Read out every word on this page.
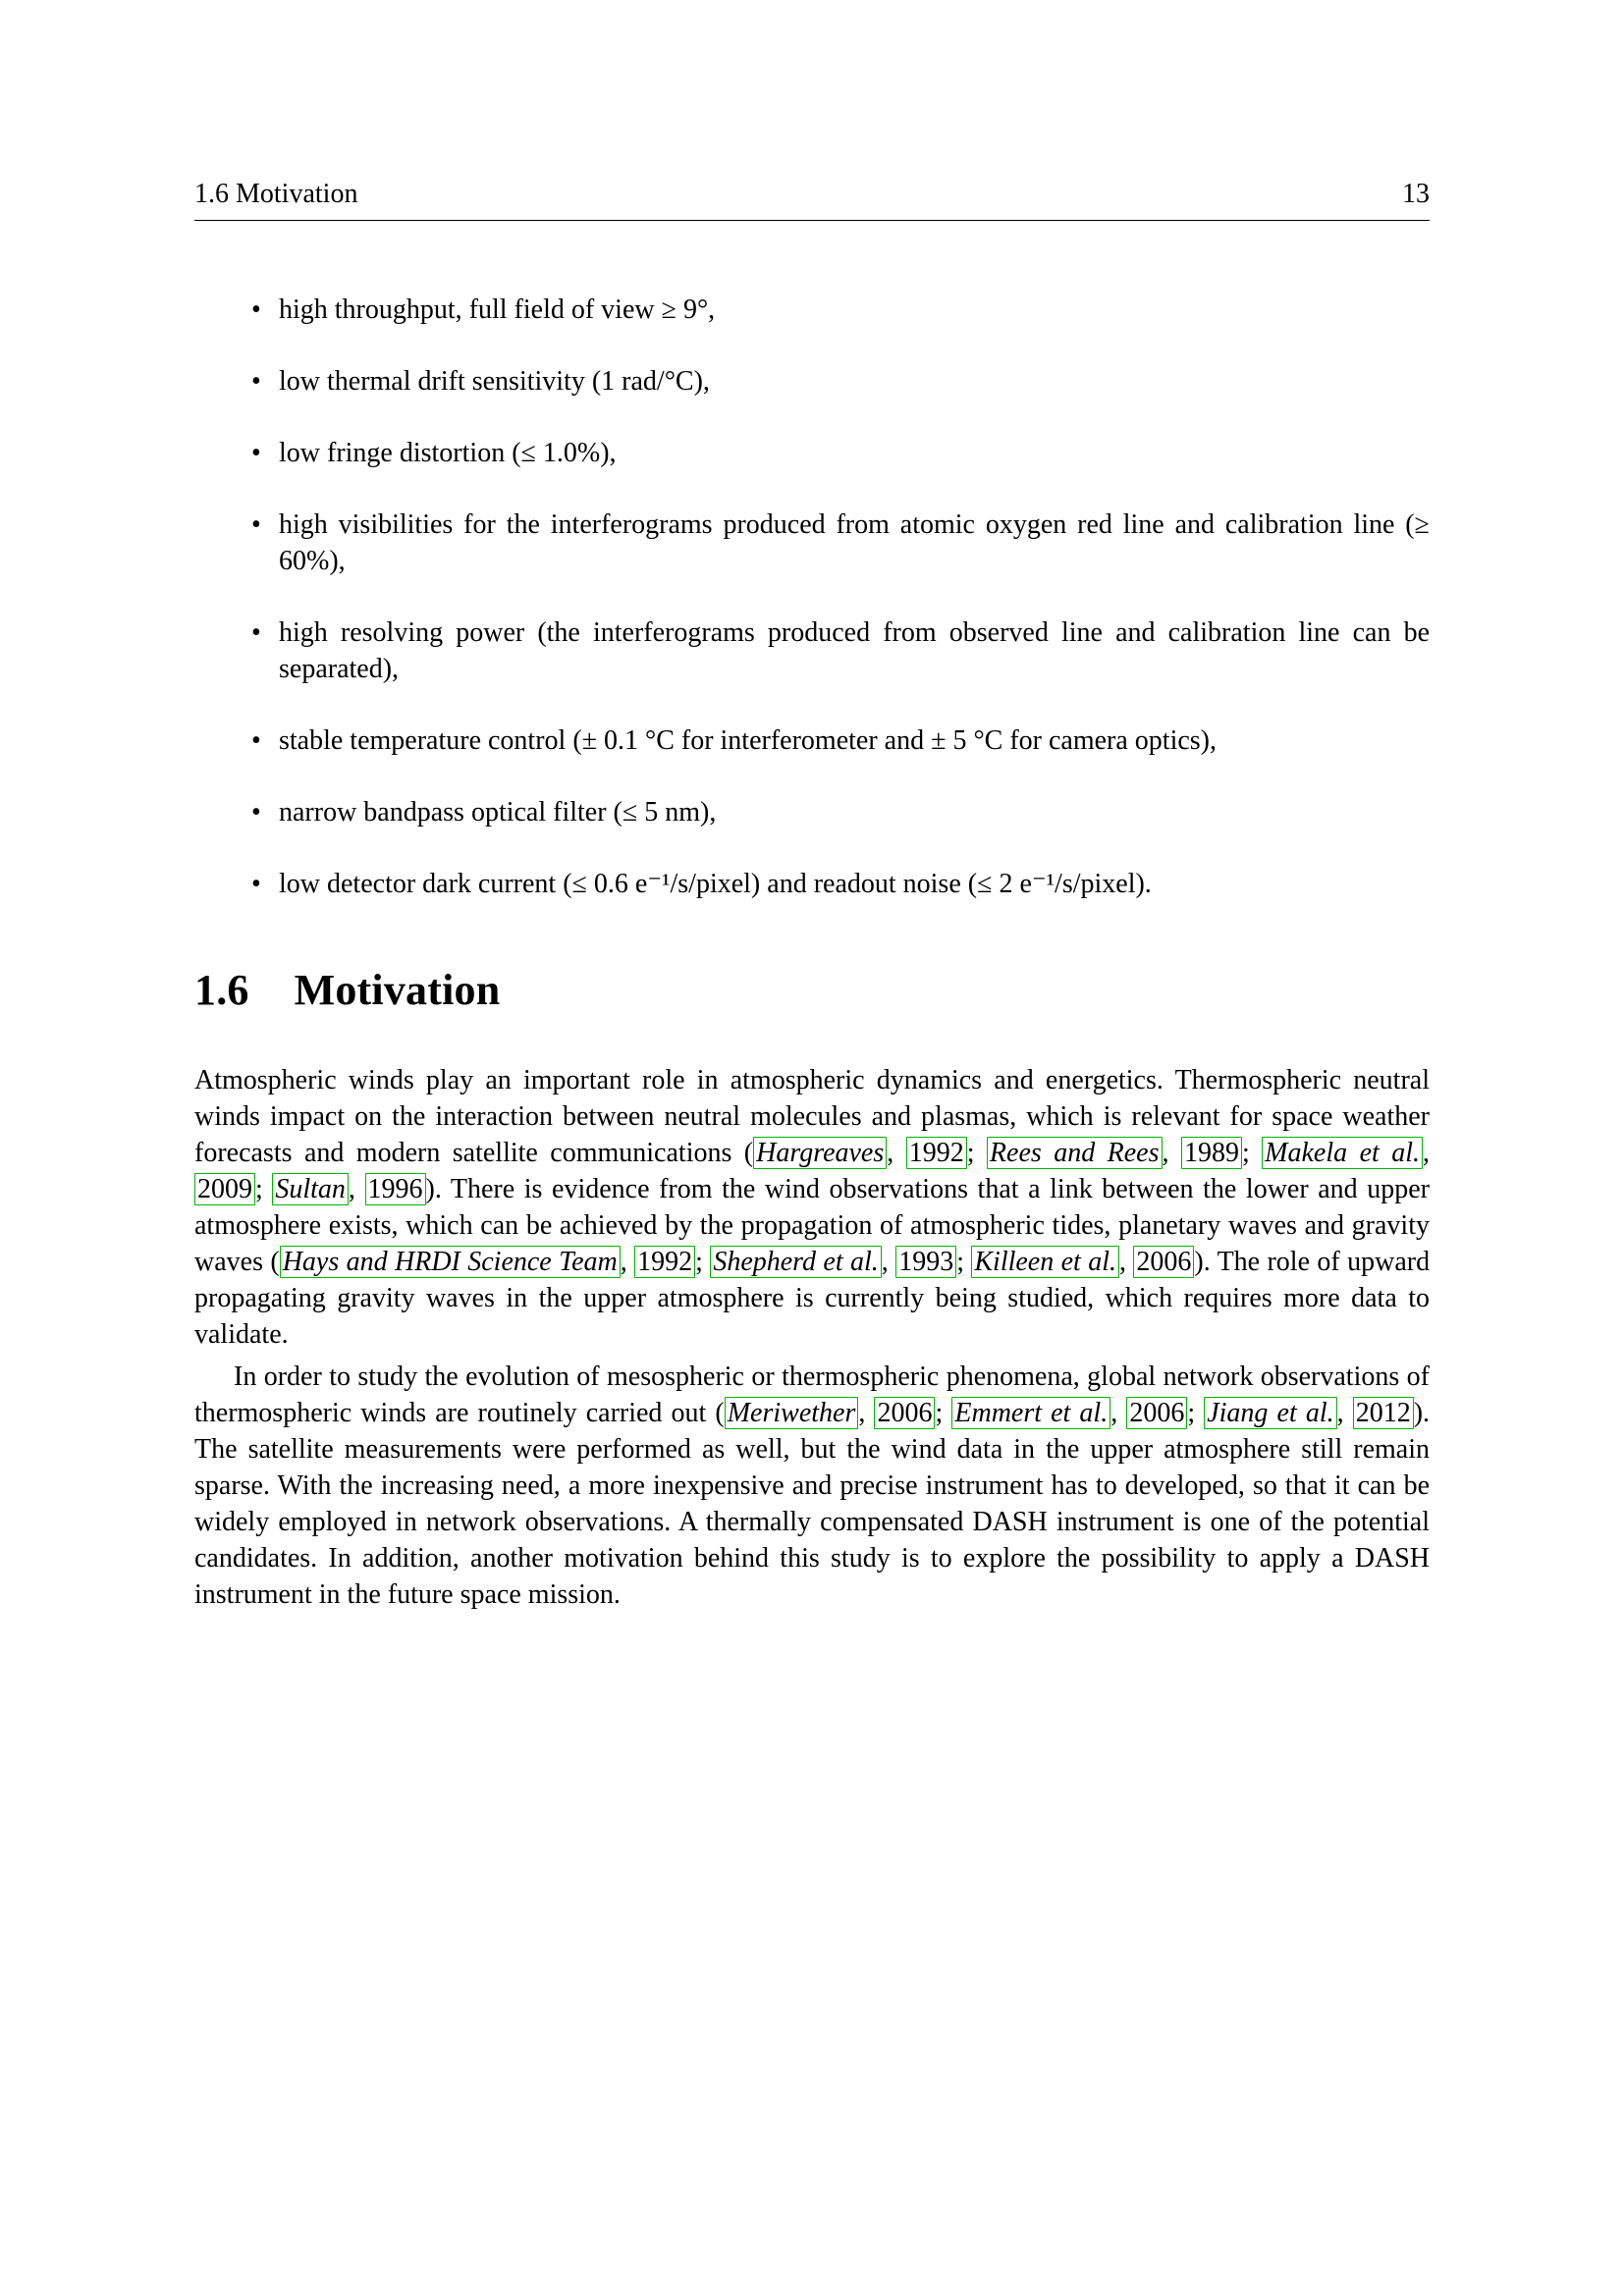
1.6 Motivation	13
• high throughput, full field of view ≥ 9°,
• low thermal drift sensitivity (1 rad/°C),
• low fringe distortion (≤ 1.0%),
• high visibilities for the interferograms produced from atomic oxygen red line and calibration line (≥ 60%),
• high resolving power (the interferograms produced from observed line and calibration line can be separated),
• stable temperature control (± 0.1 °C for interferometer and ± 5 °C for camera optics),
• narrow bandpass optical filter (≤ 5 nm),
• low detector dark current (≤ 0.6 e⁻¹/s/pixel) and readout noise (≤ 2 e⁻¹/s/pixel).
1.6 Motivation

Atmospheric winds play an important role in atmospheric dynamics and energetics. Thermospheric neutral winds impact on the interaction between neutral molecules and plasmas, which is relevant for space weather forecasts and modern satellite communications ( Hargreaves , 1992 ; Rees and Rees , 1989 ; Makela et al. , 2009 ; Sultan , 1996 ). There is evidence from the wind observations that a link between the lower and upper atmosphere exists, which can be achieved by the propagation of atmospheric tides, planetary waves and gravity waves ( Hays and HRDI Science Team , 1992 ; Shepherd et al. , 1993 ; Killeen et al. , 2006 ). The role of upward propagating gravity waves in the upper atmosphere is currently being studied, which requires more data to validate.

In order to study the evolution of mesospheric or thermospheric phenomena, global network observations of thermospheric winds are routinely carried out ( Meriwether , 2006 ; Emmert et al. , 2006 ; Jiang et al. , 2012 ). The satellite measurements were performed as well, but the wind data in the upper atmosphere still remain sparse. With the increasing need, a more inexpensive and precise instrument has to developed, so that it can be widely employed in network observations. A thermally compensated DASH instrument is one of the potential candidates. In addition, another motivation behind this study is to explore the possibility to apply a DASH instrument in the future space mission.
